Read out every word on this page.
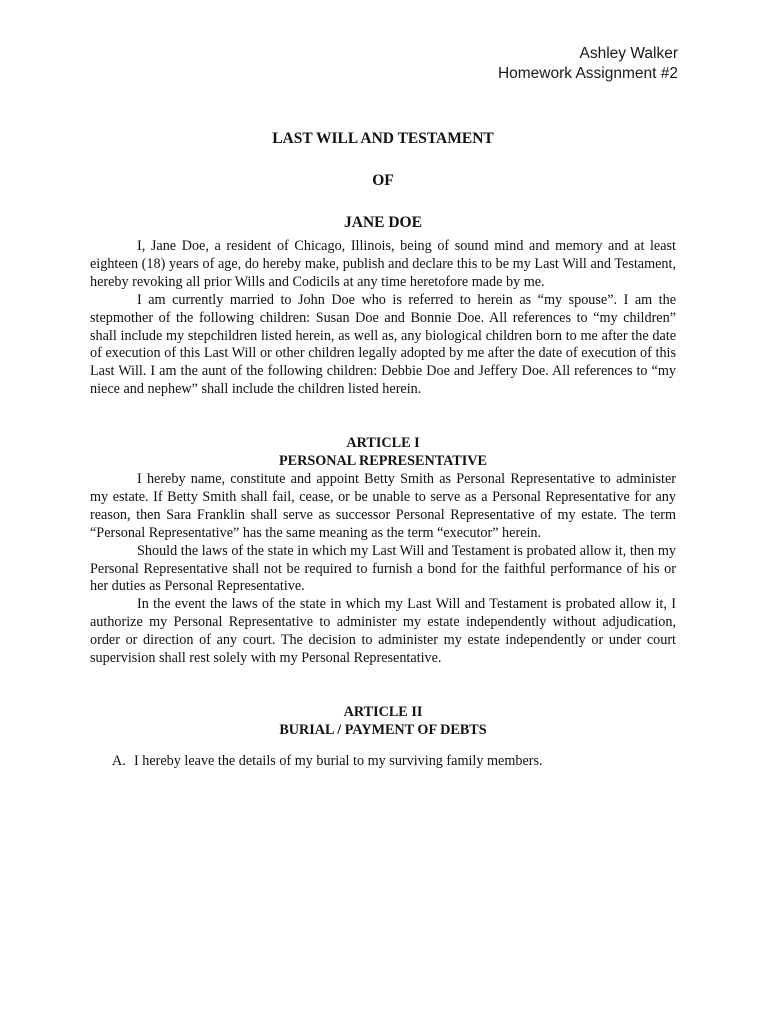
Ashley Walker
Homework Assignment #2
LAST WILL AND TESTAMENT
OF
JANE DOE

I, Jane Doe, a resident of Chicago, Illinois, being of sound mind and memory and at least eighteen (18) years of age, do hereby make, publish and declare this to be my Last Will and Testament, hereby revoking all prior Wills and Codicils at any time heretofore made by me.

I am currently married to John Doe who is referred to herein as “my spouse”. I am the stepmother of the following children: Susan Doe and Bonnie Doe. All references to “my children” shall include my stepchildren listed herein, as well as, any biological children born to me after the date of execution of this Last Will or other children legally adopted by me after the date of execution of this Last Will. I am the aunt of the following children: Debbie Doe and Jeffery Doe. All references to “my niece and nephew” shall include the children listed herein.

ARTICLE I
PERSONAL REPRESENTATIVE

I hereby name, constitute and appoint Betty Smith as Personal Representative to administer my estate. If Betty Smith shall fail, cease, or be unable to serve as a Personal Representative for any reason, then Sara Franklin shall serve as successor Personal Representative of my estate. The term “Personal Representative” has the same meaning as the term “executor” herein.

Should the laws of the state in which my Last Will and Testament is probated allow it, then my Personal Representative shall not be required to furnish a bond for the faithful performance of his or her duties as Personal Representative.

In the event the laws of the state in which my Last Will and Testament is probated allow it, I authorize my Personal Representative to administer my estate independently without adjudication, order or direction of any court. The decision to administer my estate independently or under court supervision shall rest solely with my Personal Representative.

ARTICLE II
BURIAL / PAYMENT OF DEBTS
A. I hereby leave the details of my burial to my surviving family members.
